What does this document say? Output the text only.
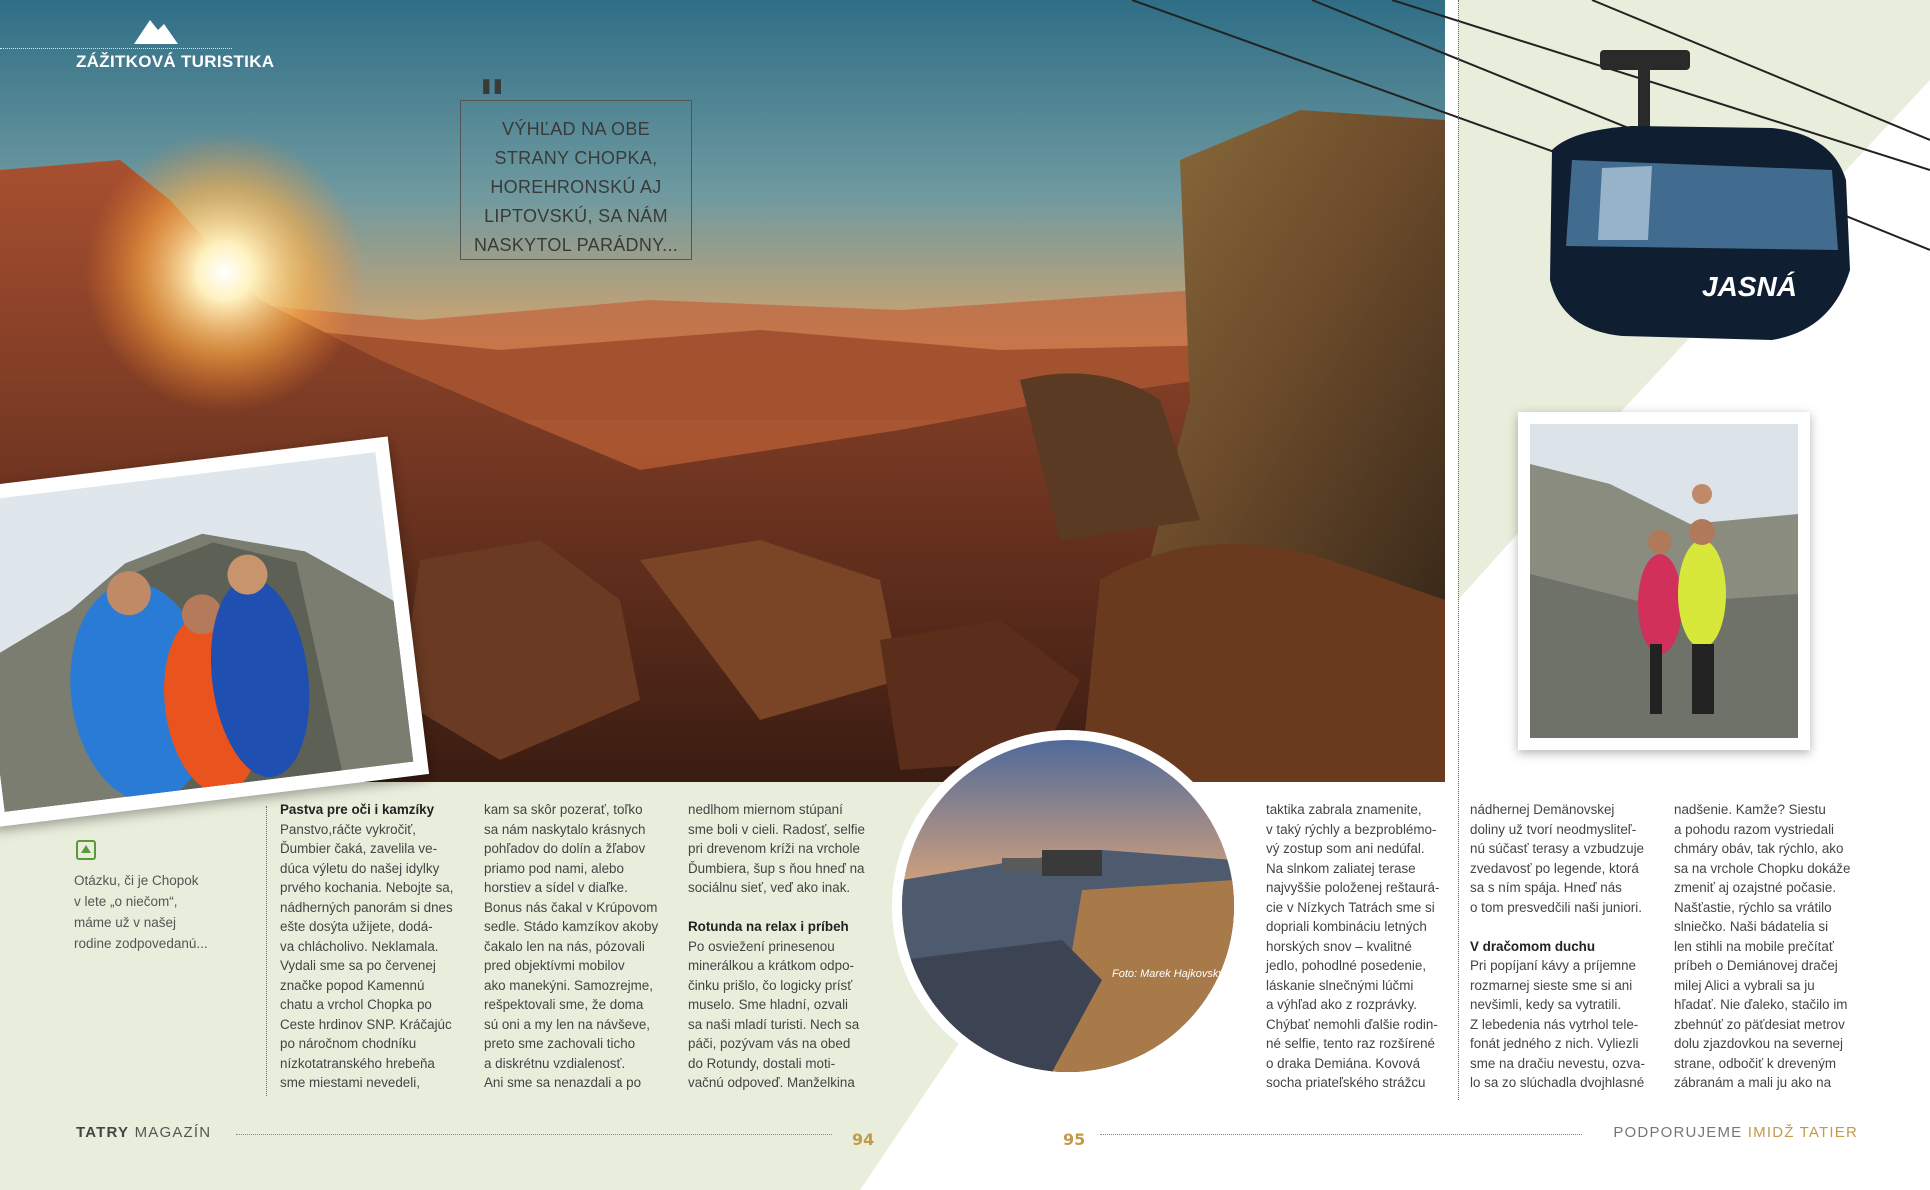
ZÁŽITKOVÁ TURISTIKA
"
VÝHĽAD NA OBE
STRANY CHOPKA,
HOREHRONSKÚ AJ
LIPTOVSKÚ, SA NÁM
NASKYTOL PARÁDNY...
JASNÁ
Foto: Marek Hajkovský
Otázku, či je Chopok
v lete „o niečom“,
máme už v našej
rodine zodpovedanú...

Pastva pre oči i kamzíky

Panstvo,ráčte vykročiť,

Ďumbier čaká, zavelila ve-

dúca výletu do našej idylky

prvého kochania. Nebojte sa,

nádherných panorám si dnes

ešte dosýta užijete, dodá-

va chlácholivo. Neklamala.

Vydali sme sa po červenej

značke popod Kamennú

chatu a vrchol Chopka po

Ceste hrdinov SNP. Kráčajúc

po náročnom chodníku

nízkotatranského hrebeňa

sme miestami nevedeli,

kam sa skôr pozerať, toľko

sa nám naskytalo krásnych

pohľadov do dolín a žľabov

priamo pod nami, alebo

horstiev a sídel v diaľke.

Bonus nás čakal v Krúpovom

sedle. Stádo kamzíkov akoby

čakalo len na nás, pózovali

pred objektívmi mobilov

ako manekýni. Samozrejme,

rešpektovali sme, že doma

sú oni a my len na návševe,

preto sme zachovali ticho

a diskrétnu vzdialenosť.

Ani sme sa nenazdali a po

nedlhom miernom stúpaní

sme boli v cieli. Radosť, selfie

pri drevenom kríži na vrchole

Ďumbiera, šup s ňou hneď na

sociálnu sieť, veď ako inak.

Rotunda na relax i príbeh

Po osviežení prinesenou

minerálkou a krátkom odpo-

činku prišlo, čo logicky prísť

muselo. Sme hladní, ozvali

sa naši mladí turisti. Nech sa

páči, pozývam vás na obed

do Rotundy, dostali moti-

vačnú odpoveď. Manželkina

taktika zabrala znamenite,

v taký rýchly a bezproblémo-

vý zostup som ani nedúfal.

Na slnkom zaliatej terase

najvyššie položenej reštaurá-

cie v Nízkych Tatrách sme si

dopriali kombináciu letných

horských snov – kvalitné

jedlo, pohodlné posedenie,

láskanie slnečnými lúčmi

a výhľad ako z rozprávky.

Chýbať nemohli ďalšie rodin-

né selfie, tento raz rozšírené

o draka Demiána. Kovová

socha priateľského strážcu

nádhernej Demänovskej

doliny už tvorí neodmysliteľ-

nú súčasť terasy a vzbudzuje

zvedavosť po legende, ktorá

sa s ním spája. Hneď nás

o tom presvedčili naši juniori.

V dračomom duchu

Pri popíjaní kávy a príjemne

rozmarnej sieste sme si ani

nevšimli, kedy sa vytratili.

Z lebedenia nás vytrhol tele-

fonát jedného z nich. Vyliezli

sme na dračiu nevestu, ozva-

lo sa zo slúchadla dvojhlasné

nadšenie. Kamže? Siestu

a pohodu razom vystriedali

chmáry obáv, tak rýchlo, ako

sa na vrchole Chopku dokáže

zmeniť aj ozajstné počasie.

Našťastie, rýchlo sa vrátilo

slniečko. Naši bádatelia si

len stihli na mobile prečítať

príbeh o Demiánovej dračej

milej Alici a vybrali sa ju

hľadať. Nie ďaleko, stačilo im

zbehnúť zo päťdesiat metrov

dolu zjazdovkou na severnej

strane, odbočiť k dreveným

zábranám a mali ju ako na

TATRY MAGAZÍN	94	95	PODPORUJEME IMIDŽ TATIER
